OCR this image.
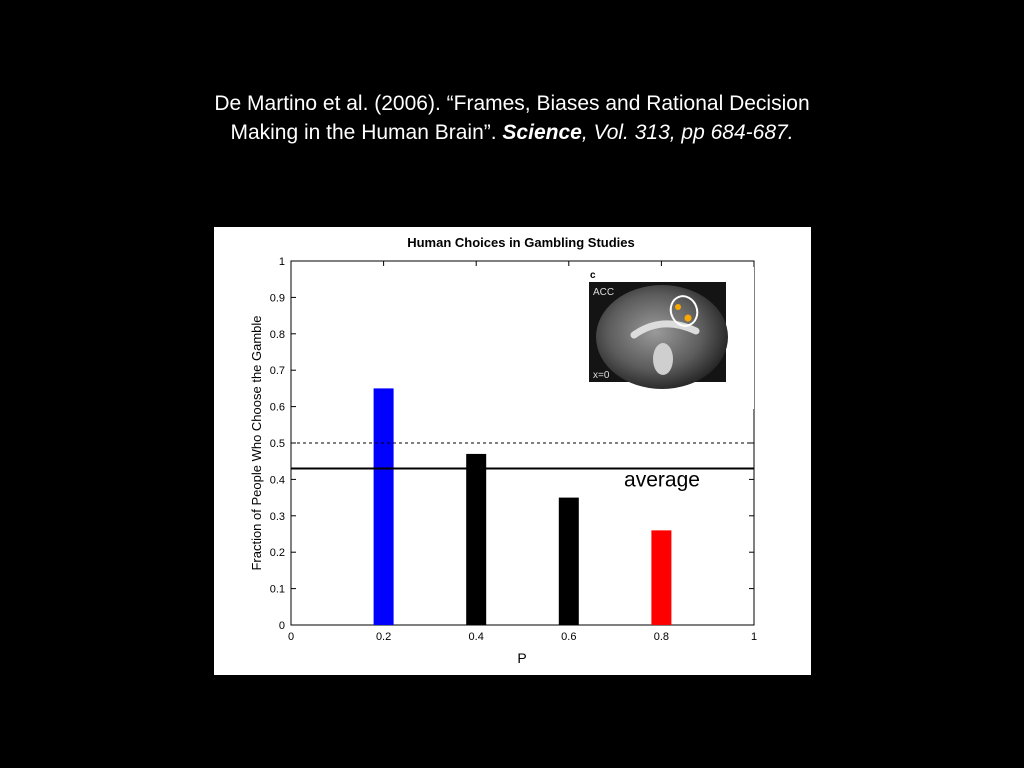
De Martino et al. (2006). “Frames, Biases and Rational Decision
Making in the Human Brain”. Science, Vol. 313, pp 684-687.
Human Choices in Gambling Studies
0
0.1
0.2
0.3
0.4
0.5
0.6
0.7
0.8
0.9
1
0	0.2	0.4	0.6	0.8	1
c
ACC
x=0
average
P
Fraction of People Who Choose the Gamble
